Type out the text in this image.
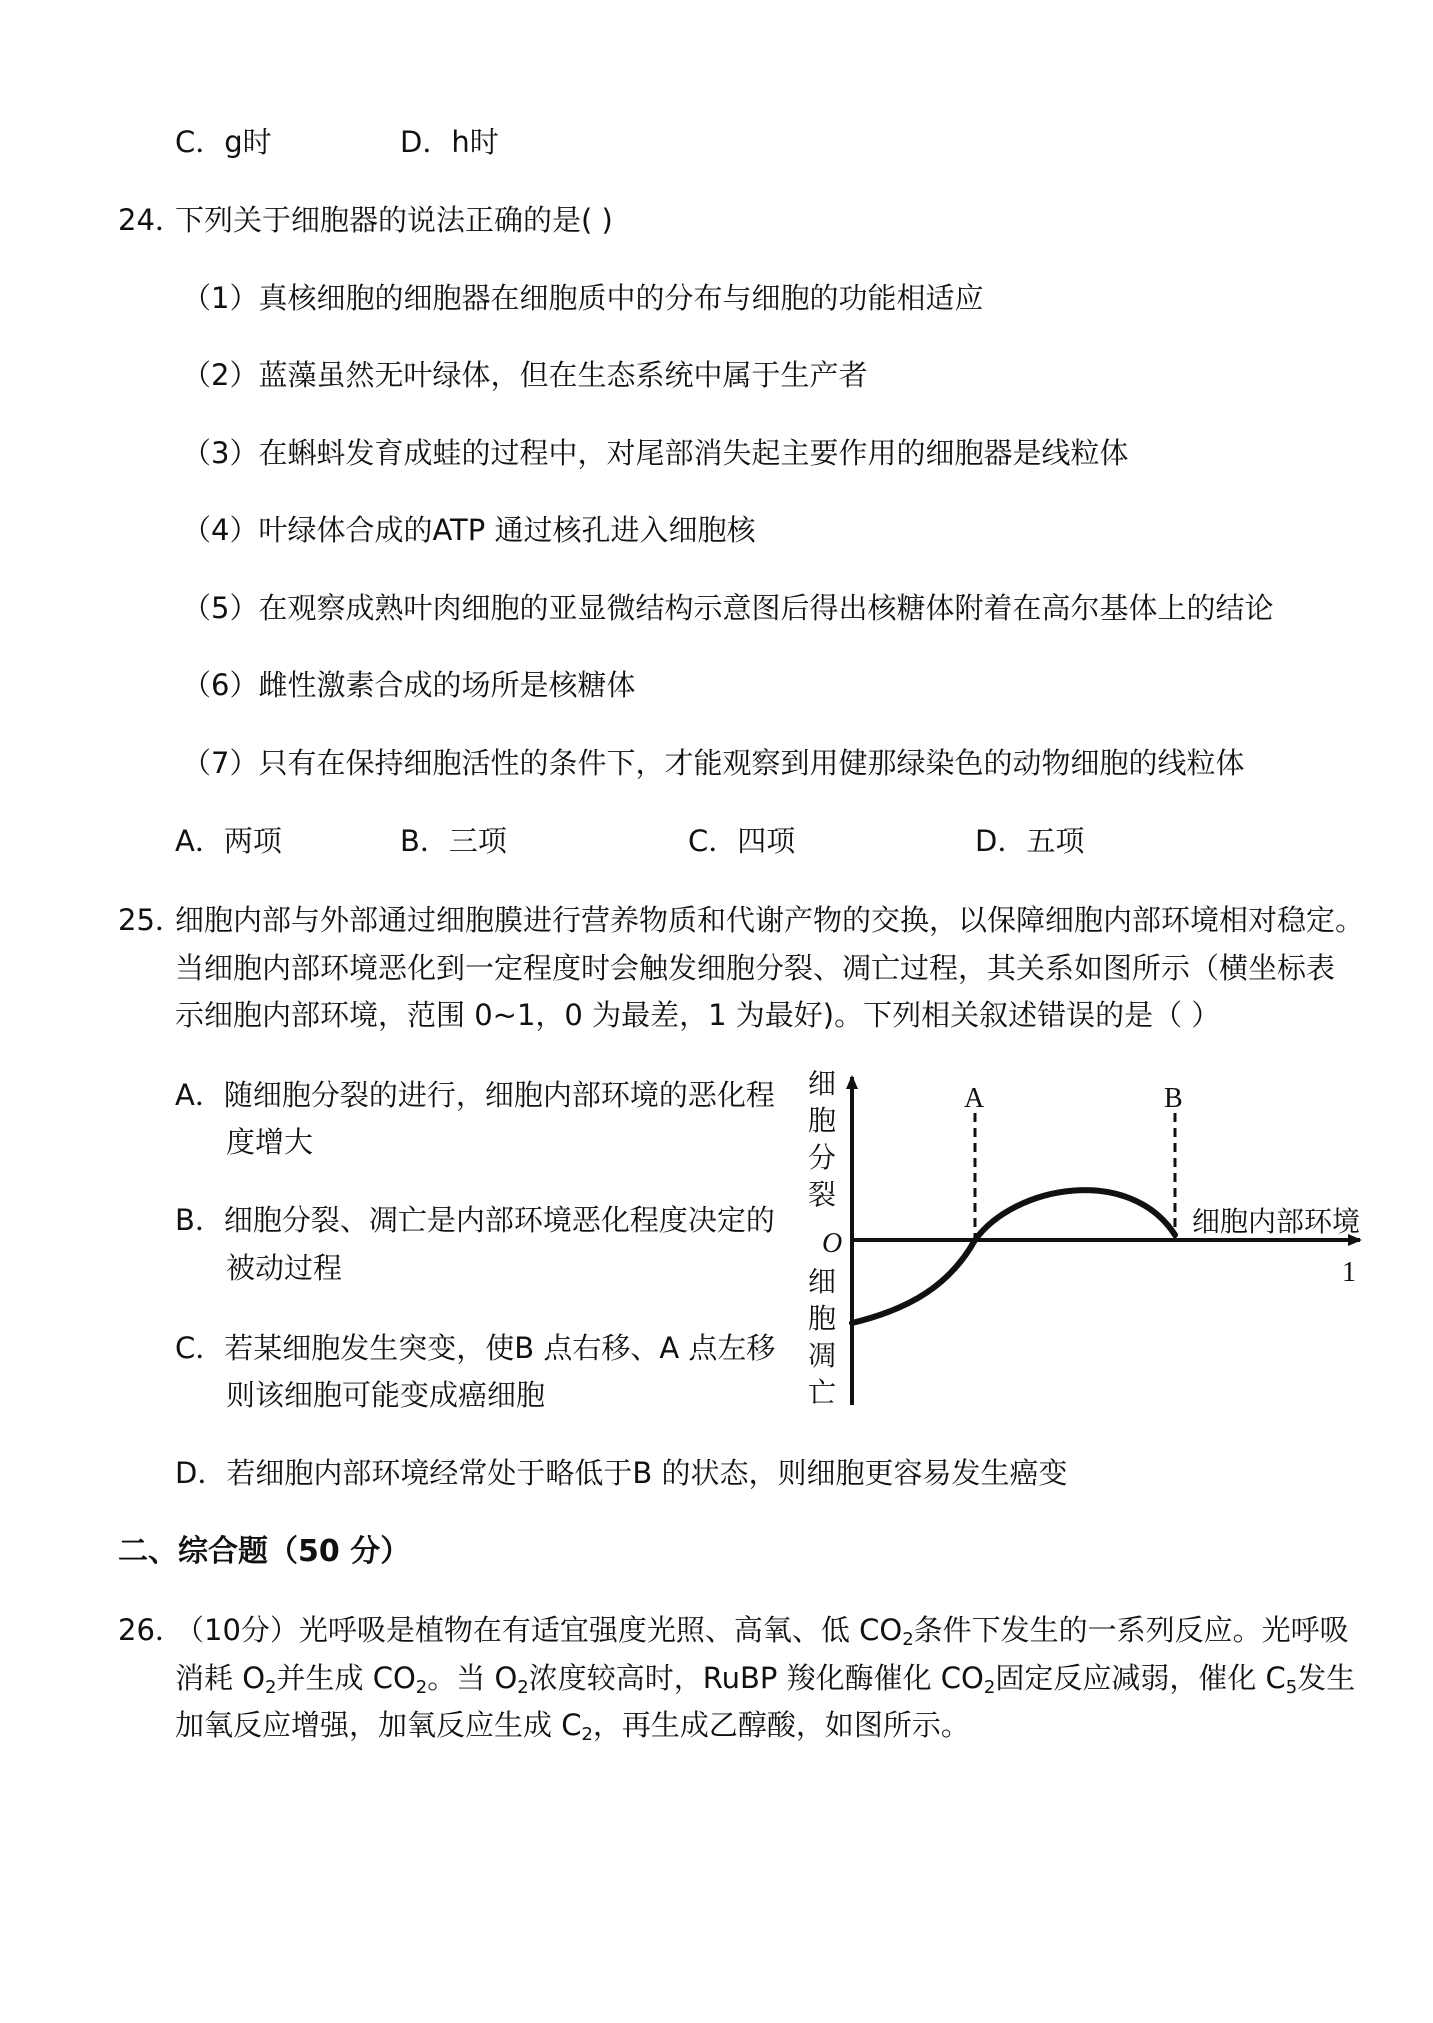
C．g时	D．h时
24．
下列关于细胞器的说法正确的是( )
（1）真核细胞的细胞器在细胞质中的分布与细胞的功能相适应
（2）蓝藻虽然无叶绿体，但在生态系统中属于生产者
（3）在蝌蚪发育成蛙的过程中，对尾部消失起主要作用的细胞器是线粒体
（4）叶绿体合成的ATP 通过核孔进入细胞核
（5）在观察成熟叶肉细胞的亚显微结构示意图后得出核糖体附着在高尔基体上的结论
（6）雌性激素合成的场所是核糖体
（7）只有在保持细胞活性的条件下，才能观察到用健那绿染色的动物细胞的线粒体
A．两项	B．三项	C．四项	D．五项
25．
细胞内部与外部通过细胞膜进行营养物质和代谢产物的交换，以保障细胞内部环境相对稳定。
当细胞内部环境恶化到一定程度时会触发细胞分裂、凋亡过程，其关系如图所示（横坐标表
示细胞内部环境，范围 0~1，0 为最差，1 为最好)。下列相关叙述错误的是（ ）
A．随细胞分裂的进行，细胞内部环境的恶化程
度增大
B．细胞分裂、凋亡是内部环境恶化程度决定的
被动过程
C．若某细胞发生突变，使B 点右移、A 点左移
则该细胞可能变成癌细胞
D．若细胞内部环境经常处于略低于B 的状态，则细胞更容易发生癌变
A	B
O
细胞内部环境
1
细
胞
分
裂
细
胞
凋
亡
二、综合题（50 分）
26．
（10分）光呼吸是植物在有适宜强度光照、高氧、低 $CO_2$条件下发生的一系列反应。光呼吸
消耗 $O_2$并生成 $CO_2$。当 $O_2$浓度较高时，RuBP 羧化酶催化 $CO_2$固定反应减弱，催化 $C_5$发生
加氧反应增强，加氧反应生成 $C_2$，再生成乙醇酸，如图所示。
